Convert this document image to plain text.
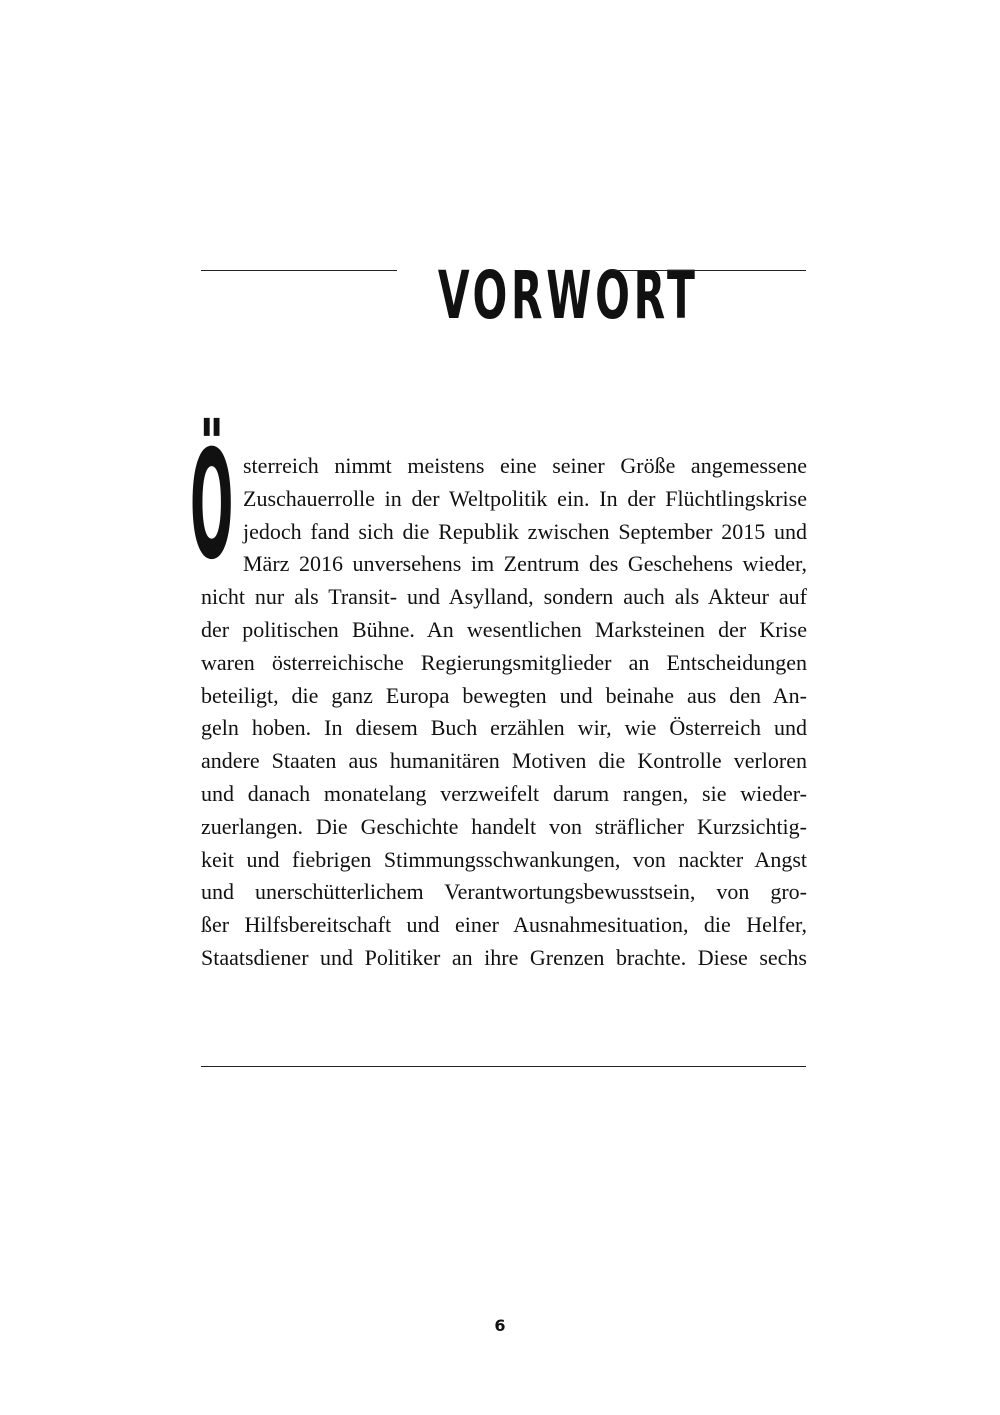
VORWORT
Ö sterreich nimmt meistens eine seiner Größe angemessene
Zuschauerrolle in der Weltpolitik ein. In der Flüchtlingskrise
jedoch fand sich die Republik zwischen September 2015 und
März 2016 unversehens im Zentrum des Geschehens wieder,
nicht nur als Transit- und Asylland, sondern auch als Akteur auf
der politischen Bühne. An wesentlichen Marksteinen der Krise
waren österreichische Regierungsmitglieder an Entscheidungen
beteiligt, die ganz Europa bewegten und beinahe aus den An-
geln hoben. In diesem Buch erzählen wir, wie Österreich und
andere Staaten aus humanitären Motiven die Kontrolle verloren
und danach monatelang verzweifelt darum rangen, sie wieder-
zuerlangen. Die Geschichte handelt von sträflicher Kurzsichtig-
keit und fiebrigen Stimmungsschwankungen, von nackter Angst
und unerschütterlichem Verantwortungsbewusstsein, von gro-
ßer Hilfsbereitschaft und einer Ausnahmesituation, die Helfer,
Staatsdiener und Politiker an ihre Grenzen brachte. Diese sechs
6
